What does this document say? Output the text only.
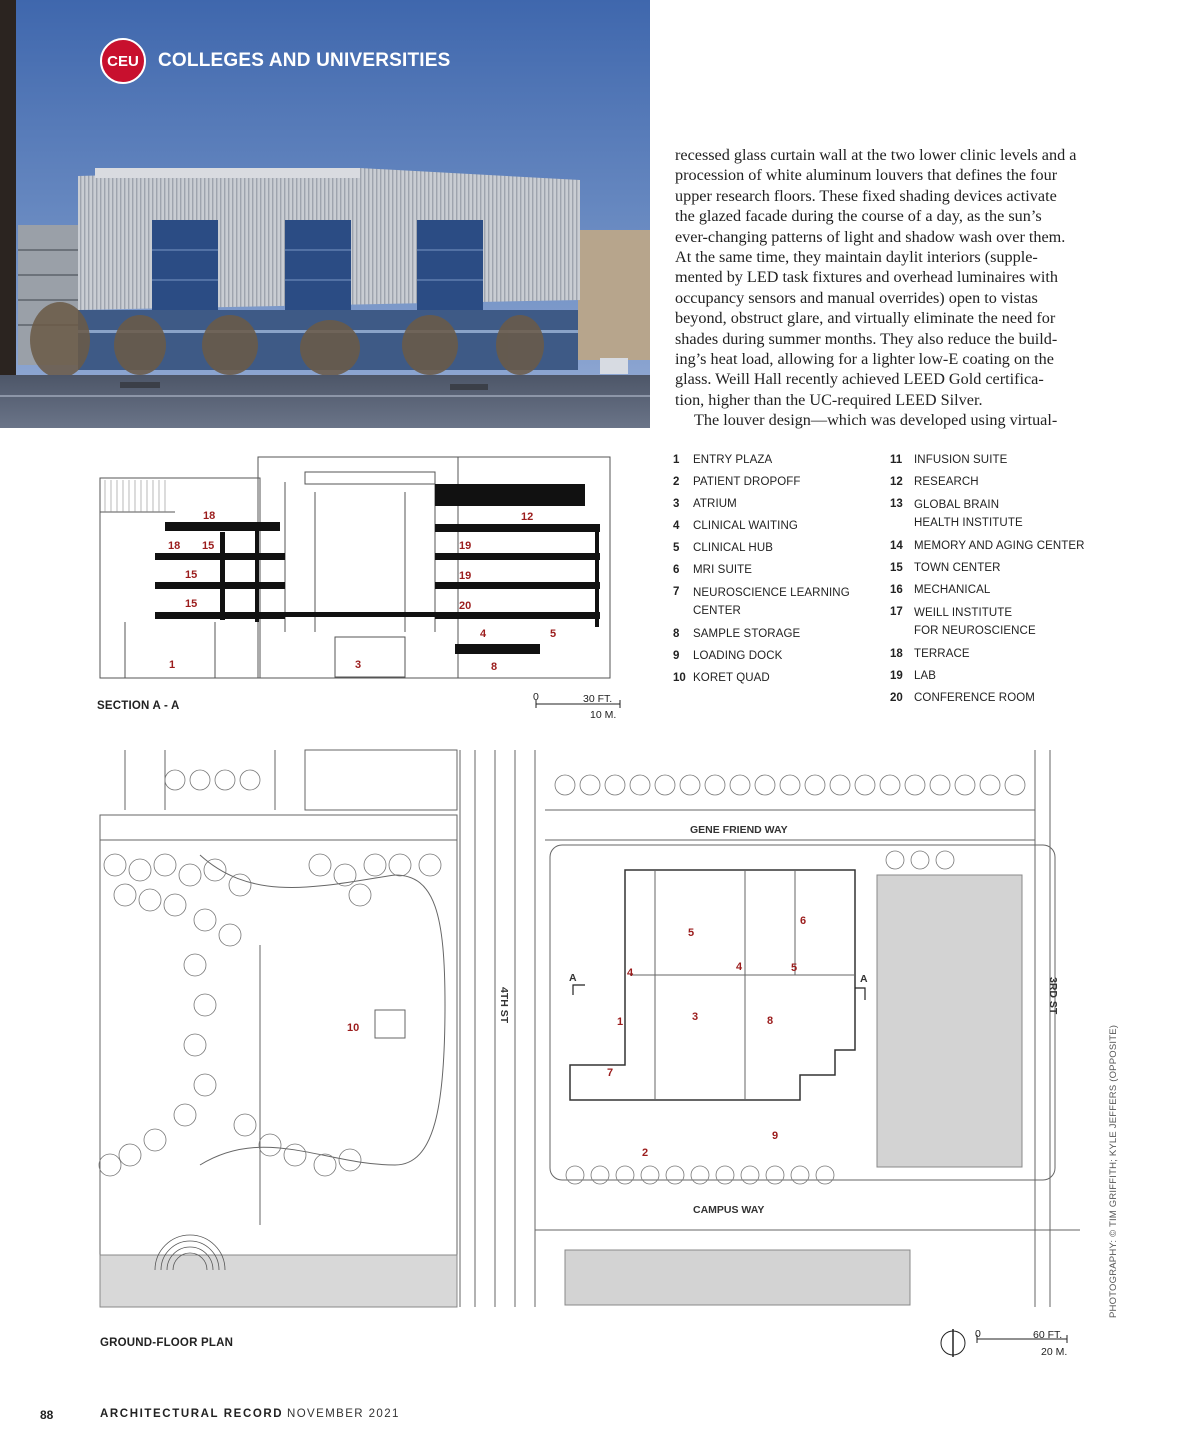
CEU	COLLEGES AND UNIVERSITIES

recessed glass curtain wall at the two lower clinic levels and a
procession of white aluminum louvers that defines the four
upper research floors. These fixed shading devices activate
the glazed facade during the course of a day, as the sun’s
ever-changing patterns of light and shadow wash over them.
At the same time, they maintain daylit interiors (supple-
mented by LED task fixtures and overhead luminaires with
occupancy sensors and manual overrides) open to vistas
beyond, obstruct glare, and virtually eliminate the need for
shades during summer months. They also reduce the build-
ing’s heat load, allowing for a lighter low-E coating on the
glass. Weill Hall recently achieved LEED Gold certifica-
tion, higher than the UC-required LEED Silver.

The louver design—which was developed using virtual-

18	12
18 15	19
15	19
15	20
4	5
1	3	8
SECTION A - A
0	30 FT.
10 M.
1	ENTRY PLAZA
2	PATIENT DROPOFF
3	ATRIUM
4	CLINICAL WAITING
5	CLINICAL HUB
6	MRI SUITE
7	NEUROSCIENCE LEARNING
CENTER
8	SAMPLE STORAGE
9	LOADING DOCK
10 KORET QUAD
11	INFUSION SUITE
12 RESEARCH
13 GLOBAL BRAIN
HEALTH INSTITUTE
14 MEMORY AND AGING CENTER
15 TOWN CENTER
16 MECHANICAL
17 WEILL INSTITUTE
FOR NEUROSCIENCE
18 TERRACE
19 LAB
20 CONFERENCE ROOM
A	A
GENE FRIEND WAY
CAMPUS WAY
4TH ST	3RD ST
10	1	3
4	4
5
5
6
7
8
9
2
GROUND-FLOOR PLAN
0	60 FT.
20 M.
88	ARCHITECTURAL RECORD NOVEMBER 2021
PHOTOGRAPHY: © TIM GRIFFITH; KYLE JEFFERS (OPPOSITE)
